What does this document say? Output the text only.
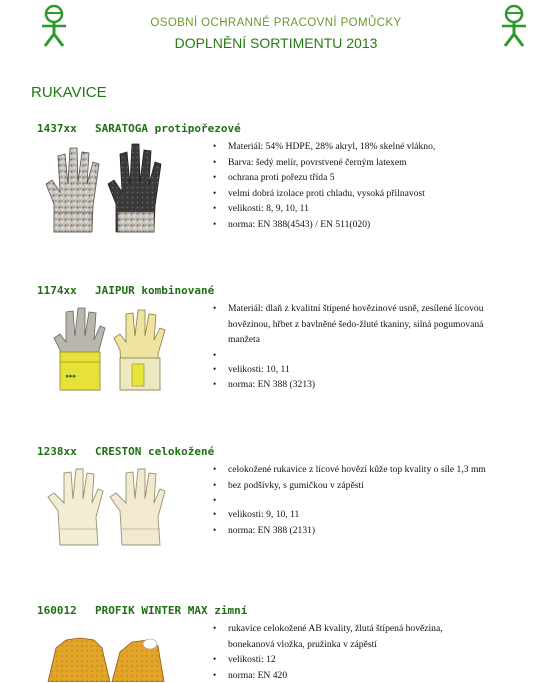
OSOBNÍ OCHRANNÉ PRACOVNÍ POMŮCKY
DOPLNĚNÍ SORTIMENTU 2013
RUKAVICE
1437xx SARATOGA protipořezové
• Materiál: 54% HDPE, 28% akryl, 18% skelné vlákno,
• Barva: šedý melír, povrstvené černým latexem
• ochrana proti pořezu třída 5
• velmi dobrá izolace proti chladu, vysoká přilnavost
• velikosti: 8, 9, 10, 11
• norma: EN 388(4543) / EN 511(020)
1174xx JAIPUR kombinované
▸▸▸
• Materiál: dlaň z kvalitní štípené hovězinové usně, zesílené lícovou
hovězinou, hřbet z bavlněné šedo-žluté tkaniny, silná pogumovaná
manžeta
•
• velikosti: 10, 11
• norma: EN 388 (3213)
1238xx CRESTON celokožené
• celokožené rukavice z lícové hovězí kůže top kvality o síle 1,3 mm
• bez podšívky, s gumičkou v zápěstí
•
• velikosti: 9, 10, 11
• norma: EN 388 (2131)
160012 PROFIK WINTER MAX zimní
• rukavice celokožené AB kvality, žlutá štípená hovězina,
bonekanová vložka, pružinka v zápěstí
• velikosti: 12
• norma: EN 420
